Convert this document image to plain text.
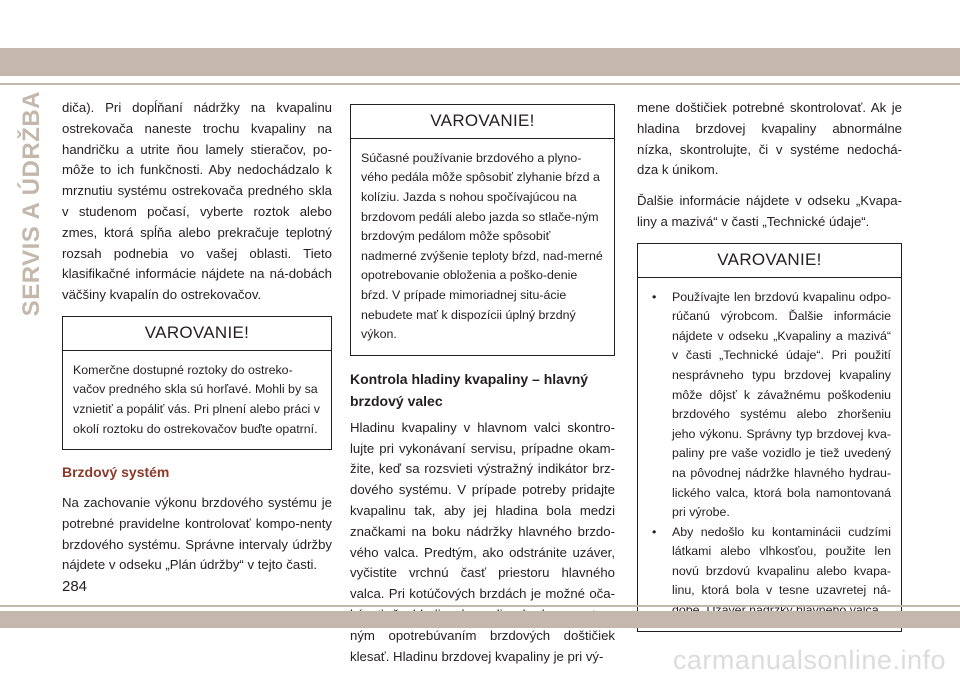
SERVIS A ÚDRŽBA diča). Pri dopĺňaní nádržky na kvapalinu ostrekovača naneste trochu kvapaliny na handričku a utrite ňou lamely stieračov, po-môže to ich funkčnosti. Aby nedochádzalo k mrznutiu systému ostrekovača predného skla v studenom počasí, vyberte roztok alebo zmes, ktorá spĺňa alebo prekračuje teplotný rozsah podnebia vo vašej oblasti. Tieto klasifikačné informácie nájdete na ná-dobách väčšiny kvapalín do ostrekovačov.

VAROVANIE!
Komerčne dostupné roztoky do ostreko-vačov predného skla sú horľavé. Mohli by sa vznietiť a popáliť vás. Pri plnení alebo práci v okolí roztoku do ostrekovačov buďte opatrní.
Brzdový systém

Na zachovanie výkonu brzdového systému je potrebné pravidelne kontrolovať kompo-nenty brzdového systému. Správne intervaly údržby nájdete v odseku „Plán údržby“ v tejto časti.

VAROVANIE!
Súčasné používanie brzdového a plyno-vého pedála môže spôsobiť zlyhanie bŕzd a kolíziu. Jazda s nohou spočívajúcou na brzdovom pedáli alebo jazda so stlače-ným brzdovým pedálom môže spôsobiť nadmerné zvýšenie teploty bŕzd, nad-merné opotrebovanie obloženia a poško-denie bŕzd. V prípade mimoriadnej situ-ácie nebudete mať k dispozícii úplný brzdný výkon.
Kontrola hladiny kvapaliny – hlavný brzdový valec

Hladinu kvapaliny v hlavnom valci skontro-lujte pri vykonávaní servisu, prípadne okam-žite, keď sa rozsvieti výstražný indikátor brz-dového systému. V prípade potreby pridajte kvapalinu tak, aby jej hladina bola medzi značkami na boku nádržky hlavného brzdo-vého valca. Predtým, ako odstránite uzáver, vyčistite vrchnú časť priestoru hlavného valca. Pri kotúčových brzdách je možné oča- ným opotrebúvaním brzdových doštičiek klesať. Hladinu brzdovej kvapaliny je pri vý-

mene doštičiek potrebné skontrolovať. Ak je hladina brzdovej kvapaliny abnormálne nízka, skontrolujte, či v systéme nedochá-dza k únikom.

Ďalšie informácie nájdete v odseku „Kvapa-liny a mazivá“ v časti „Technické údaje“.

VAROVANIE!
• Používajte len brzdovú kvapalinu odpo-rúčanú výrobcom. Ďalšie informácie nájdete v odseku „Kvapaliny a mazivá“ v časti „Technické údaje“. Pri použití nesprávneho typu brzdovej kvapaliny môže dôjsť k závažnému poškodeniu brzdového systému alebo zhoršeniu jeho výkonu. Správny typ brzdovej kva-paliny pre vaše vozidlo je tiež uvedený na pôvodnej nádržke hlavného hydrau-lického valca, ktorá bola namontovaná pri výrobe.
• Aby nedošlo ku kontaminácii cudzími látkami alebo vlhkosťou, použite len novú brzdovú kvapalinu alebo kvapa-linu, ktorá bola v tesne uzavretej ná-
284
carmanualsonline.info
